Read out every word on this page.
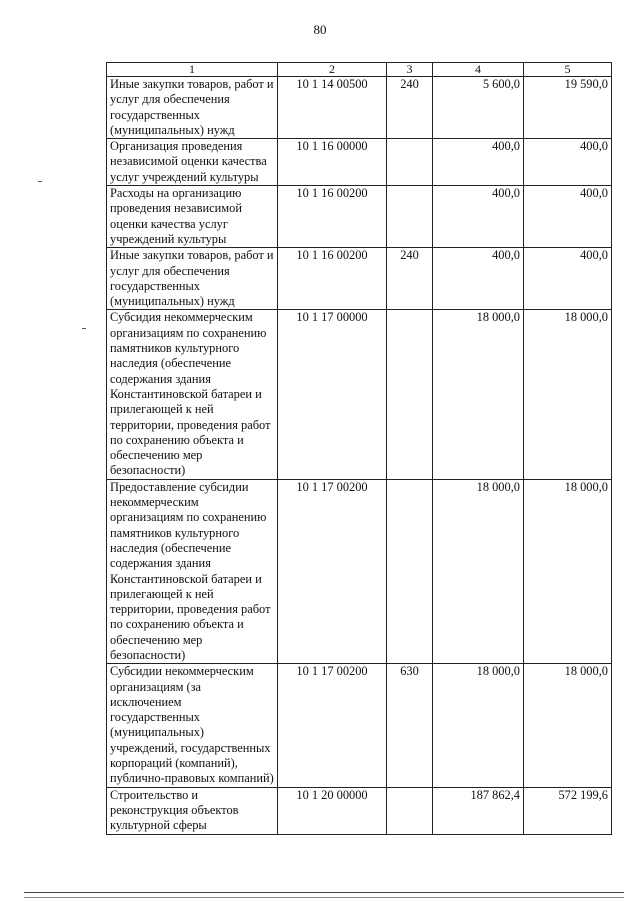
80
1	2	3	4	5
Иные закупки товаров, работ и услуг для обеспечения государственных (муниципальных) нужд	10 1 14 00500	240	5 600,0	19 590,0
Организация проведения независимой оценки качества услуг учреждений культуры	10 1 16 00000		400,0	400,0
Расходы на организацию проведения независимой оценки качества услуг учреждений культуры	10 1 16 00200		400,0	400,0
Иные закупки товаров, работ и услуг для обеспечения государственных (муниципальных) нужд	10 1 16 00200	240	400,0	400,0
Субсидия некоммерческим организациям по сохранению памятников культурного наследия (обеспечение содержания здания Константиновской батареи и прилегающей к ней территории, проведения работ по сохранению объекта и обеспечению мер безопасности)	10 1 17 00000		18 000,0	18 000,0
Предоставление субсидии некоммерческим организациям по сохранению памятников культурного наследия (обеспечение содержания здания Константиновской батареи и прилегающей к ней территории, проведения работ по сохранению объекта и обеспечению мер безопасности)	10 1 17 00200		18 000,0	18 000,0
Субсидии некоммерческим организациям (за исключением государственных (муниципальных) учреждений, государственных корпораций (компаний), публично-правовых компаний)	10 1 17 00200	630	18 000,0	18 000,0
Строительство и реконструкция объектов культурной сферы	10 1 20 00000		187 862,4	572 199,6
